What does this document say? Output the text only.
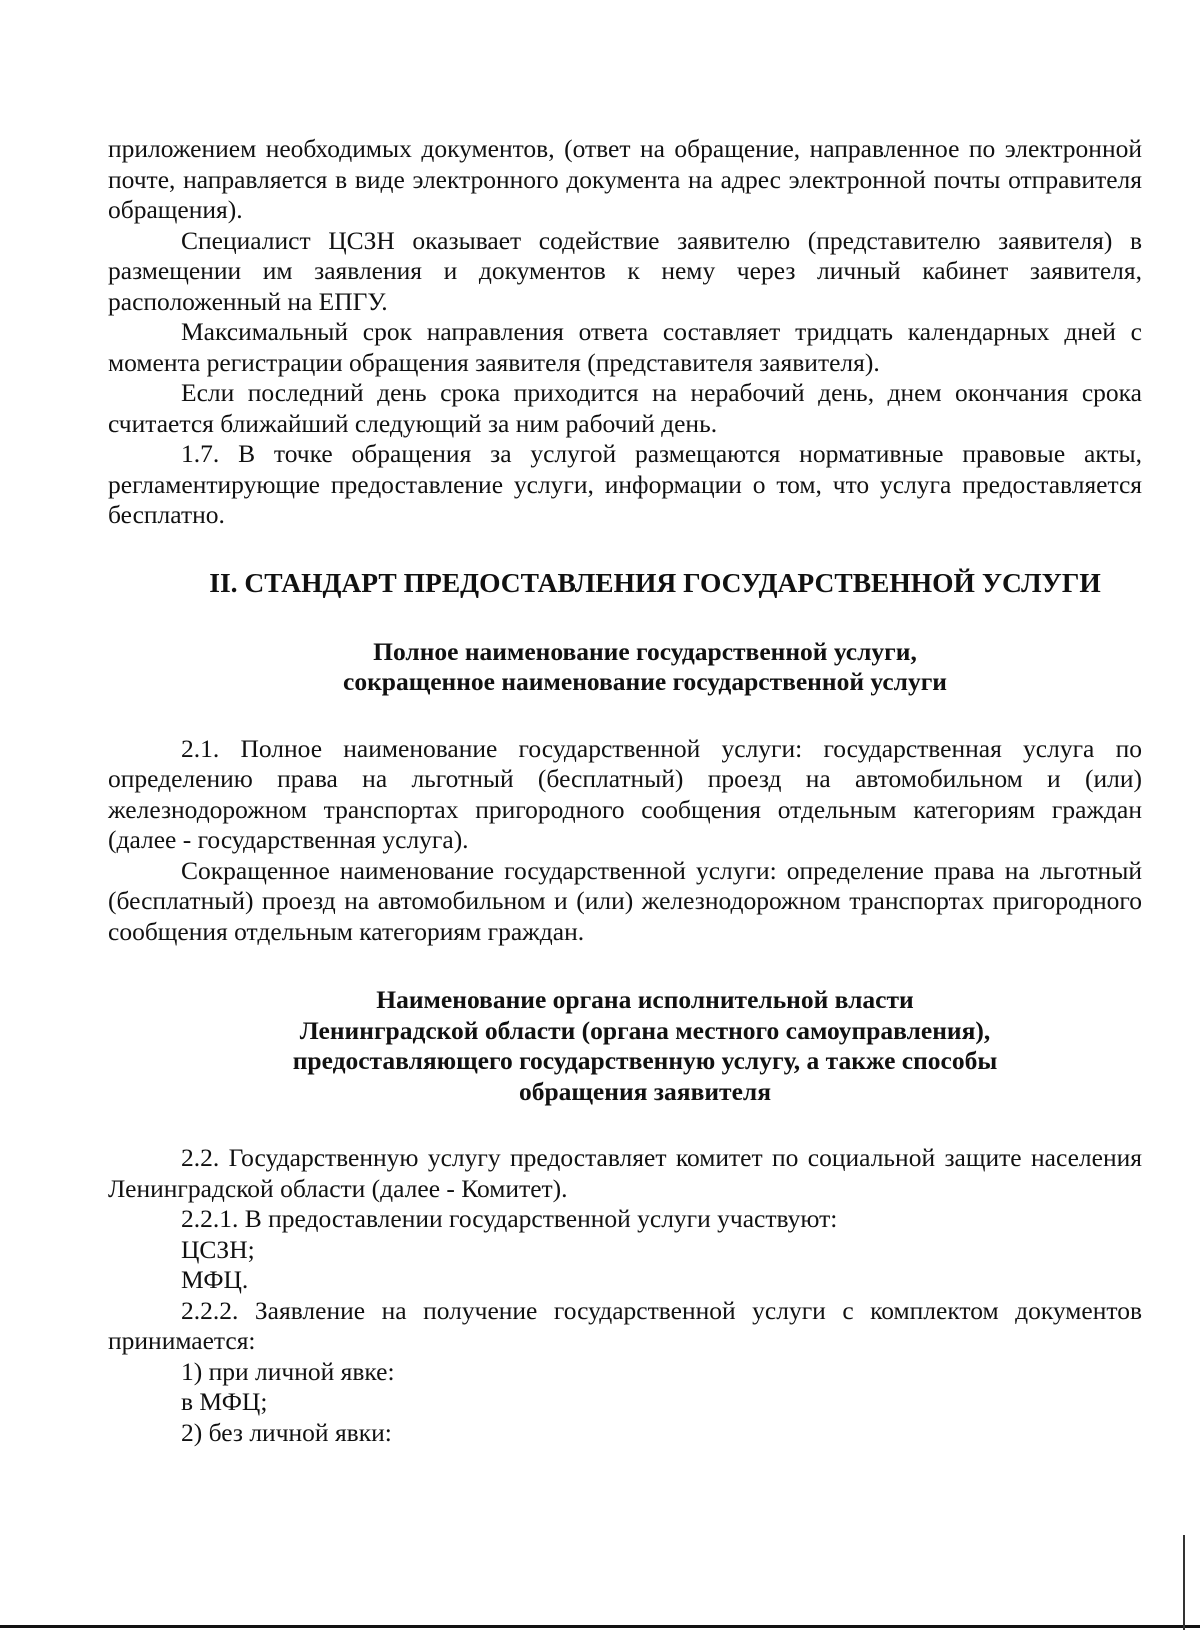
приложением необходимых документов, (ответ на обращение, направленное по электронной почте, направляется в виде электронного документа на адрес электронной почты отправителя обращения).

Специалист ЦСЗН оказывает содействие заявителю (представителю заявителя) в размещении им заявления и документов к нему через личный кабинет заявителя, расположенный на ЕПГУ.

Максимальный срок направления ответа составляет тридцать календарных дней с момента регистрации обращения заявителя (представителя заявителя).

Если последний день срока приходится на нерабочий день, днем окончания срока считается ближайший следующий за ним рабочий день.

1.7. В точке обращения за услугой размещаются нормативные правовые акты, регламентирующие предоставление услуги, информации о том, что услуга предоставляется бесплатно.

II. СТАНДАРТ ПРЕДОСТАВЛЕНИЯ ГОСУДАРСТВЕННОЙ УСЛУГИ
Полное наименование государственной услуги,
сокращенное наименование государственной услуги

2.1. Полное наименование государственной услуги: государственная услуга по определению права на льготный (бесплатный) проезд на автомобильном и (или) железнодорожном транспортах пригородного сообщения отдельным категориям граждан (далее - государственная услуга).

Сокращенное наименование государственной услуги: определение права на льготный (бесплатный) проезд на автомобильном и (или) железнодорожном транспортах пригородного сообщения отдельным категориям граждан.

Наименование органа исполнительной власти
Ленинградской области (органа местного самоуправления),
предоставляющего государственную услугу, а также способы
обращения заявителя

2.2. Государственную услугу предоставляет комитет по социальной защите населения Ленинградской области (далее - Комитет).

2.2.1. В предоставлении государственной услуги участвуют:

ЦСЗН;

МФЦ.

2.2.2. Заявление на получение государственной услуги с комплектом документов принимается:

1) при личной явке:

в МФЦ;

2) без личной явки:
